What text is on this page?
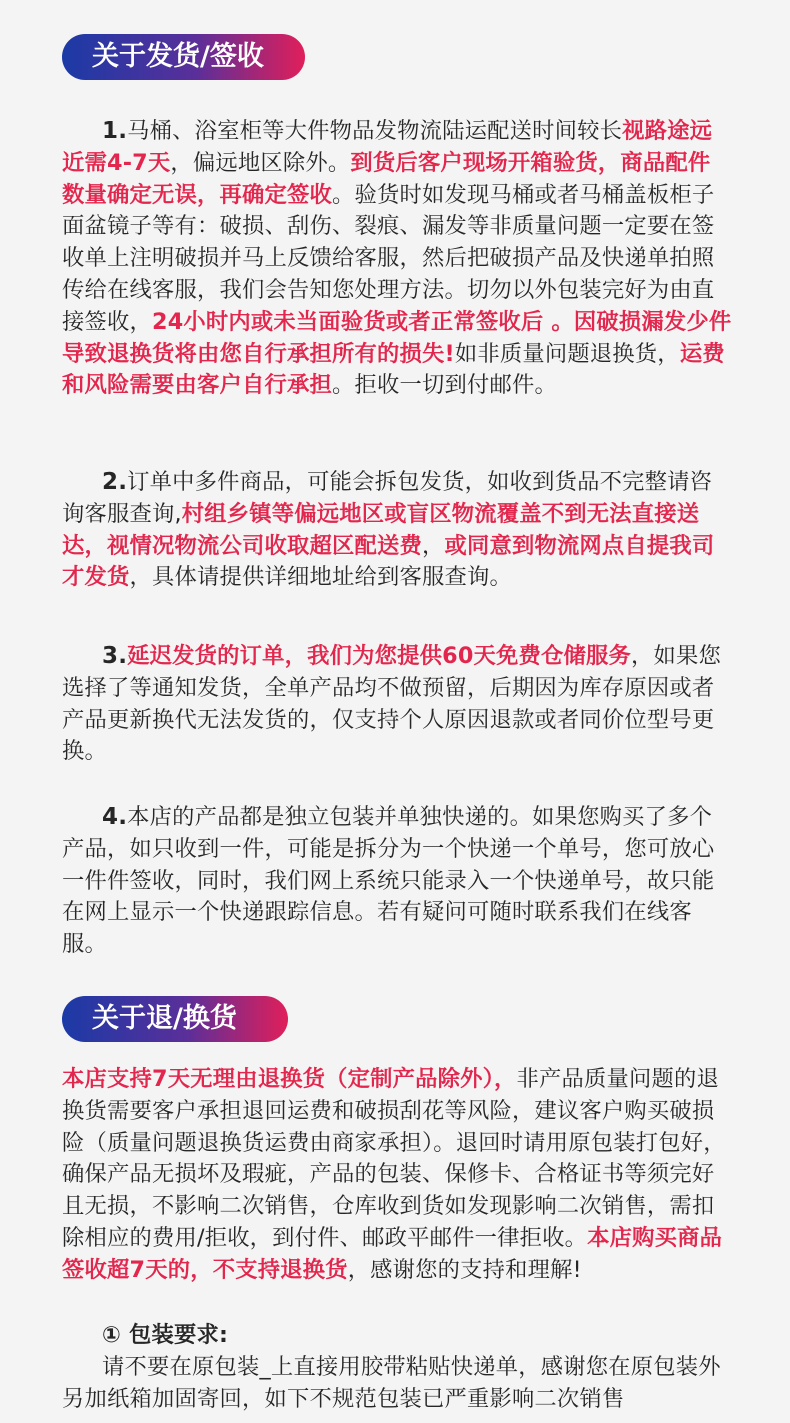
关于发货/签收
1.马桶、浴室柜等大件物品发物流陆运配送时间较长视路途远近需4-7天，偏远地区除外。到货后客户现场开箱验货，商品配件数量确定无误，再确定签收。验货时如发现马桶或者马桶盖板柜子面盆镜子等有：破损、刮伤、裂痕、漏发等非质量问题一定要在签收单上注明破损并马上反馈给客服，然后把破损产品及快递单拍照传给在线客服，我们会告知您处理方法。切勿以外包装完好为由直接签收，24小时内或未当面验货或者正常签收后 。因破损漏发少件导致退换货将由您自行承担所有的损失!如非质量问题退换货，运费和风险需要由客户自行承担。拒收一切到付邮件。
2.订单中多件商品，可能会拆包发货，如收到货品不完整请咨询客服查询,村组乡镇等偏远地区或盲区物流覆盖不到无法直接送达，视情况物流公司收取超区配送费，或同意到物流网点自提我司才发货，具体请提供详细地址给到客服查询。
3.延迟发货的订单，我们为您提供60天免费仓储服务，如果您选择了等通知发货，全单产品均不做预留，后期因为库存原因或者产品更新换代无法发货的，仅支持个人原因退款或者同价位型号更换。
4.本店的产品都是独立包装并单独快递的。如果您购买了多个产品，如只收到一件，可能是拆分为一个快递一个单号，您可放心一件件签收，同时，我们网上系统只能录入一个快递单号，故只能在网上显示一个快递跟踪信息。若有疑问可随时联系我们在线客服。
关于退/换货
本店支持7天无理由退换货（定制产品除外），非产品质量问题的退换货需要客户承担退回运费和破损刮花等风险，建议客户购买破损险（质量问题退换货运费由商家承担）。退回时请用原包装打包好，确保产品无损坏及瑕疵，产品的包装、保修卡、合格证书等须完好且无损，不影响二次销售，仓库收到货如发现影响二次销售，需扣除相应的费用/拒收，到付件、邮政平邮件一律拒收。本店购买商品签收超7天的，不支持退换货，感谢您的支持和理解!
① 包装要求:
请不要在原包装_上直接用胶带粘贴快递单，感谢您在原包装外另加纸箱加固寄回，如下不规范包装已严重影响二次销售
